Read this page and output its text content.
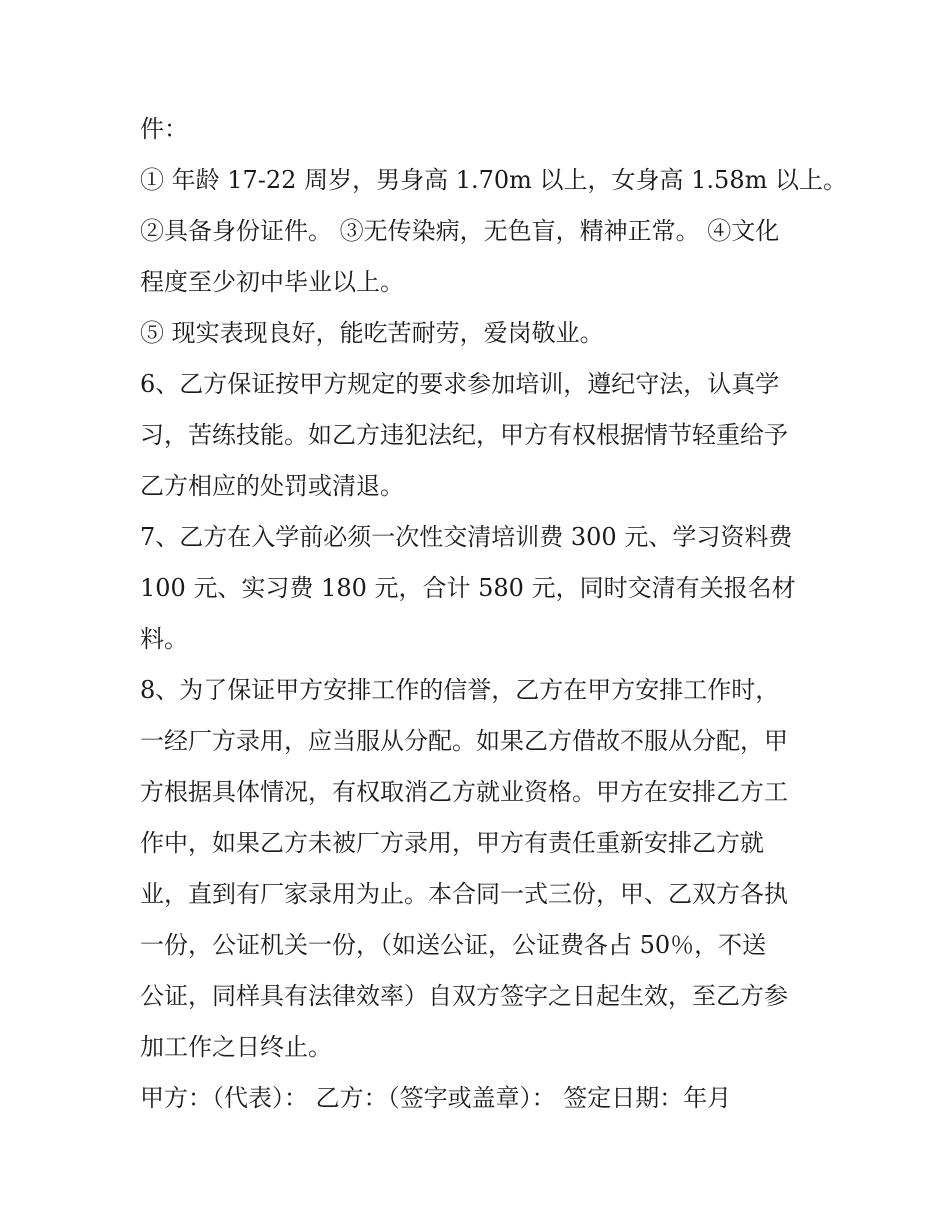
件：
① 年龄 17-22 周岁，男身高 1.70m 以上，女身高 1.58m 以上。
②具备身份证件。 ③无传染病，无色盲，精神正常。 ④文化
程度至少初中毕业以上。
⑤ 现实表现良好，能吃苦耐劳，爱岗敬业。
6、乙方保证按甲方规定的要求参加培训，遵纪守法，认真学
习，苦练技能。如乙方违犯法纪，甲方有权根据情节轻重给予
乙方相应的处罚或清退。
7、乙方在入学前必须一次性交清培训费 300 元、学习资料费
100 元、实习费 180 元，合计 580 元，同时交清有关报名材
料。
8、为了保证甲方安排工作的信誉，乙方在甲方安排工作时，
一经厂方录用，应当服从分配。如果乙方借故不服从分配，甲
方根据具体情况，有权取消乙方就业资格。甲方在安排乙方工
作中，如果乙方未被厂方录用，甲方有责任重新安排乙方就
业，直到有厂家录用为止。本合同一式三份，甲、乙双方各执
一份，公证机关一份，（如送公证，公证费各占 50％，不送
公证，同样具有法律效率）自双方签字之日起生效，至乙方参
加工作之日终止。
甲方：（代表）： 乙方：（签字或盖章）： 签定日期：年月
